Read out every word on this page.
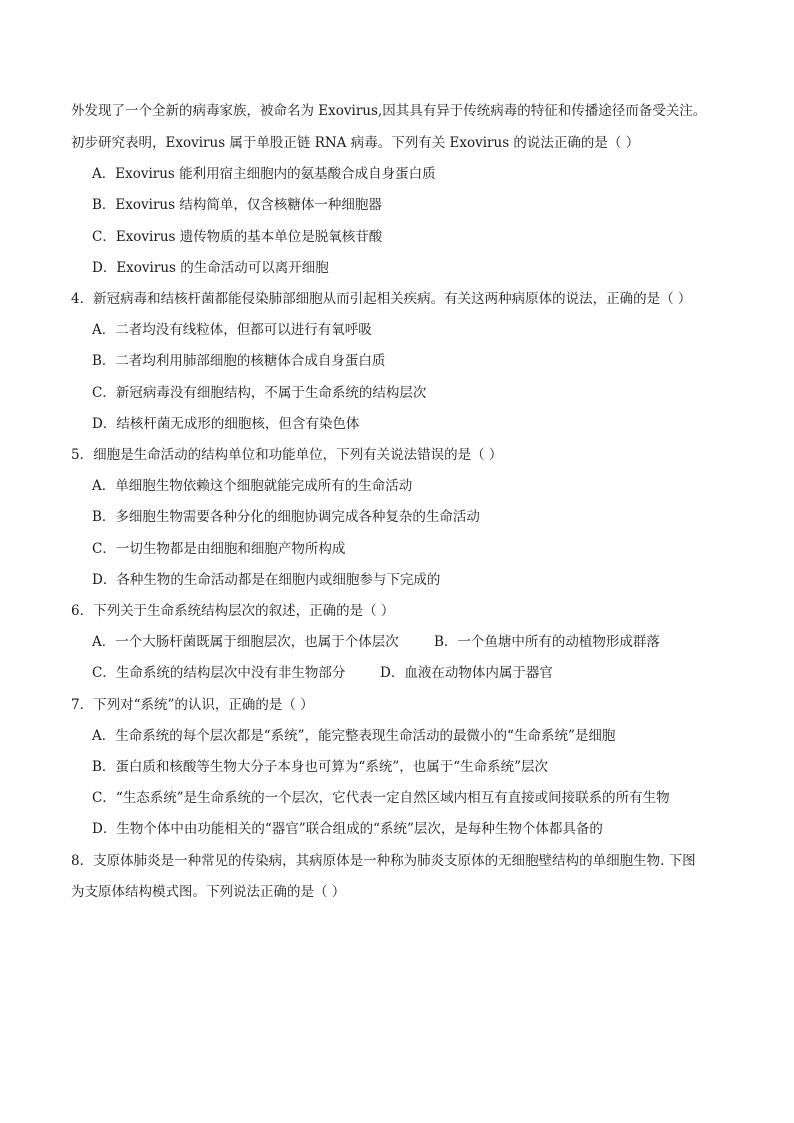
外发现了一个全新的病毒家族，被命名为 Exovirus,因其具有异于传统病毒的特征和传播途径而备受关注。
初步研究表明，Exovirus 属于单股正链 RNA 病毒。下列有关 Exovirus 的说法正确的是（ ）
A．Exovirus 能利用宿主细胞内的氨基酸合成自身蛋白质
B．Exovirus 结构简单，仅含核糖体一种细胞器
C．Exovirus 遗传物质的基本单位是脱氧核苷酸
D．Exovirus 的生命活动可以离开细胞
4．新冠病毒和结核杆菌都能侵染肺部细胞从而引起相关疾病。有关这两种病原体的说法，正确的是（ ）
A．二者均没有线粒体，但都可以进行有氧呼吸
B．二者均利用肺部细胞的核糖体合成自身蛋白质
C．新冠病毒没有细胞结构，不属于生命系统的结构层次
D．结核杆菌无成形的细胞核，但含有染色体
5．细胞是生命活动的结构单位和功能单位，下列有关说法错误的是（ ）
A．单细胞生物依赖这个细胞就能完成所有的生命活动
B．多细胞生物需要各种分化的细胞协调完成各种复杂的生命活动
C．一切生物都是由细胞和细胞产物所构成
D．各种生物的生命活动都是在细胞内或细胞参与下完成的
6．下列关于生命系统结构层次的叙述，正确的是（ ）
A．一个大肠杆菌既属于细胞层次，也属于个体层次	B．一个鱼塘中所有的动植物形成群落
C．生命系统的结构层次中没有非生物部分	D．血液在动物体内属于器官
7．下列对“系统”的认识，正确的是（ ）
A．生命系统的每个层次都是“系统”，能完整表现生命活动的最微小的“生命系统”是细胞
B．蛋白质和核酸等生物大分子本身也可算为“系统”，也属于“生命系统”层次
C．“生态系统”是生命系统的一个层次，它代表一定自然区域内相互有直接或间接联系的所有生物
D．生物个体中由功能相关的“器官”联合组成的“系统”层次，是每种生物个体都具备的
8．支原体肺炎是一种常见的传染病，其病原体是一种称为肺炎支原体的无细胞壁结构的单细胞生物. 下图
为支原体结构模式图。下列说法正确的是（ ）
